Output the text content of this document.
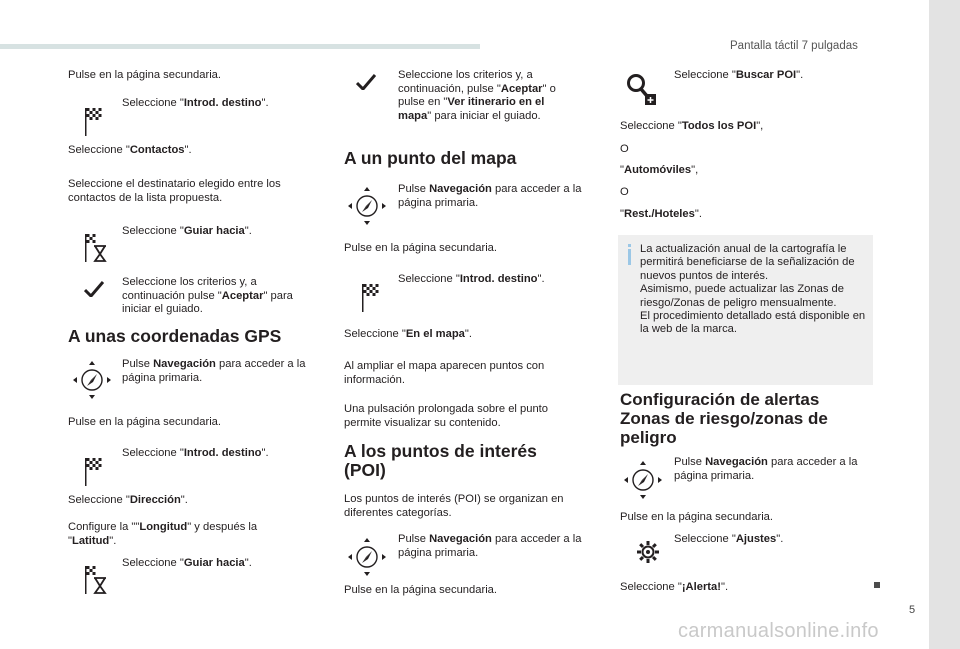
Pantalla táctil 7 pulgadas
5
carmanualsonline.info
Pulse en la página secundaria.
Seleccione "Introd. destino".
Seleccione "Contactos".
Seleccione el destinatario elegido entre los contactos de la lista propuesta.
Seleccione "Guiar hacia".
Seleccione los criterios y, a continuación pulse "Aceptar" para iniciar el guiado.
A unas coordenadas GPS
Pulse Navegación para acceder a la página primaria.
Pulse en la página secundaria.
Seleccione "Introd. destino".
Seleccione "Dirección".
Configure la ""Longitud" y después la "Latitud".
Seleccione "Guiar hacia".
Seleccione los criterios y, a continuación, pulse "Aceptar" o pulse en "Ver itinerario en el mapa" para iniciar el guiado.
A un punto del mapa
Pulse Navegación para acceder a la página primaria.
Pulse en la página secundaria.
Seleccione "Introd. destino".
Seleccione "En el mapa".
Al ampliar el mapa aparecen puntos con información.
Una pulsación prolongada sobre el punto permite visualizar su contenido.
A los puntos de interés (POI)
Los puntos de interés (POI) se organizan en diferentes categorías.
Pulse Navegación para acceder a la página primaria.
Pulse en la página secundaria.
Seleccione "Buscar POI".
Seleccione "Todos los POI",
O
"Automóviles",
O
"Rest./Hoteles".
La actualización anual de la cartografía le permitirá beneficiarse de la señalización de nuevos puntos de interés.
Asimismo, puede actualizar las Zonas de riesgo/Zonas de peligro mensualmente.
El procedimiento detallado está disponible en la web de la marca.
Configuración de alertas Zonas de riesgo/zonas de peligro
Pulse Navegación para acceder a la página primaria.
Pulse en la página secundaria.
Seleccione "Ajustes".
Seleccione "¡Alerta!".
